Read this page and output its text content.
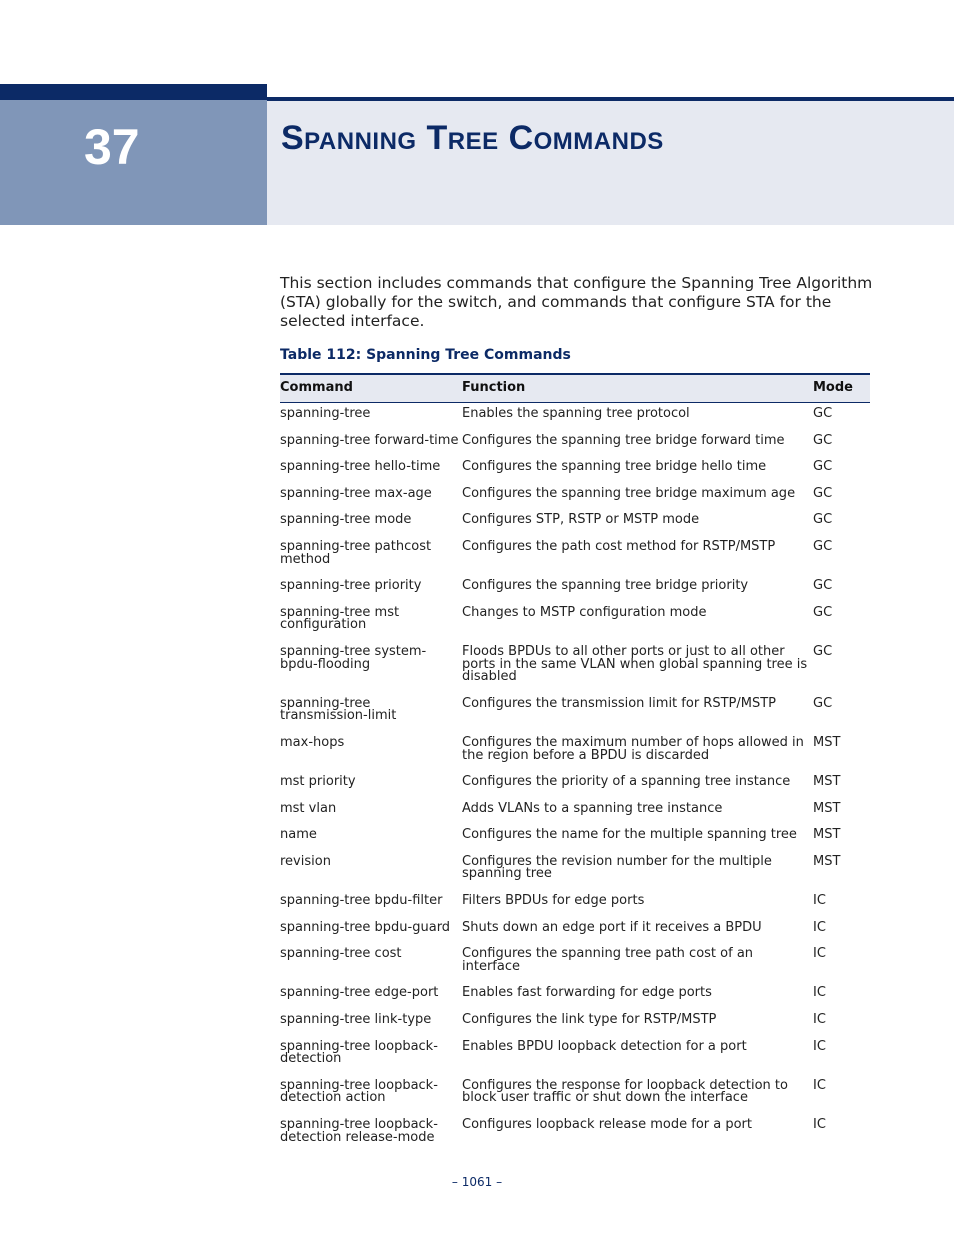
37	Spanning Tree Commands

This section includes commands that configure the Spanning Tree Algorithm (STA) globally for the switch, and commands that configure STA for the selected interface.

Table 112: Spanning Tree Commands

Command	Function	Mode
spanning-tree	Enables the spanning tree protocol	GC
spanning-tree forward-time	Configures the spanning tree bridge forward time	GC
spanning-tree hello-time	Configures the spanning tree bridge hello time	GC
spanning-tree max-age	Configures the spanning tree bridge maximum age	GC
spanning-tree mode	Configures STP, RSTP or MSTP mode	GC
spanning-tree pathcost method	Configures the path cost method for RSTP/MSTP	GC
spanning-tree priority	Configures the spanning tree bridge priority	GC
spanning-tree mst configuration	Changes to MSTP configuration mode	GC
spanning-tree system-bpdu-flooding	Floods BPDUs to all other ports or just to all other ports in the same VLAN when global spanning tree is disabled	GC
spanning-tree transmission-limit	Configures the transmission limit for RSTP/MSTP	GC
max-hops	Configures the maximum number of hops allowed in the region before a BPDU is discarded	MST
mst priority	Configures the priority of a spanning tree instance	MST
mst vlan	Adds VLANs to a spanning tree instance	MST
name	Configures the name for the multiple spanning tree	MST
revision	Configures the revision number for the multiple spanning tree	MST
spanning-tree bpdu-filter	Filters BPDUs for edge ports	IC
spanning-tree bpdu-guard	Shuts down an edge port if it receives a BPDU	IC
spanning-tree cost	Configures the spanning tree path cost of an interface	IC
spanning-tree edge-port	Enables fast forwarding for edge ports	IC
spanning-tree link-type	Configures the link type for RSTP/MSTP	IC
spanning-tree loopback-detection	Enables BPDU loopback detection for a port	IC
spanning-tree loopback-detection action	Configures the response for loopback detection to block user traffic or shut down the interface	IC
spanning-tree loopback-detection release-mode	Configures loopback release mode for a port	IC
– 1061 –
